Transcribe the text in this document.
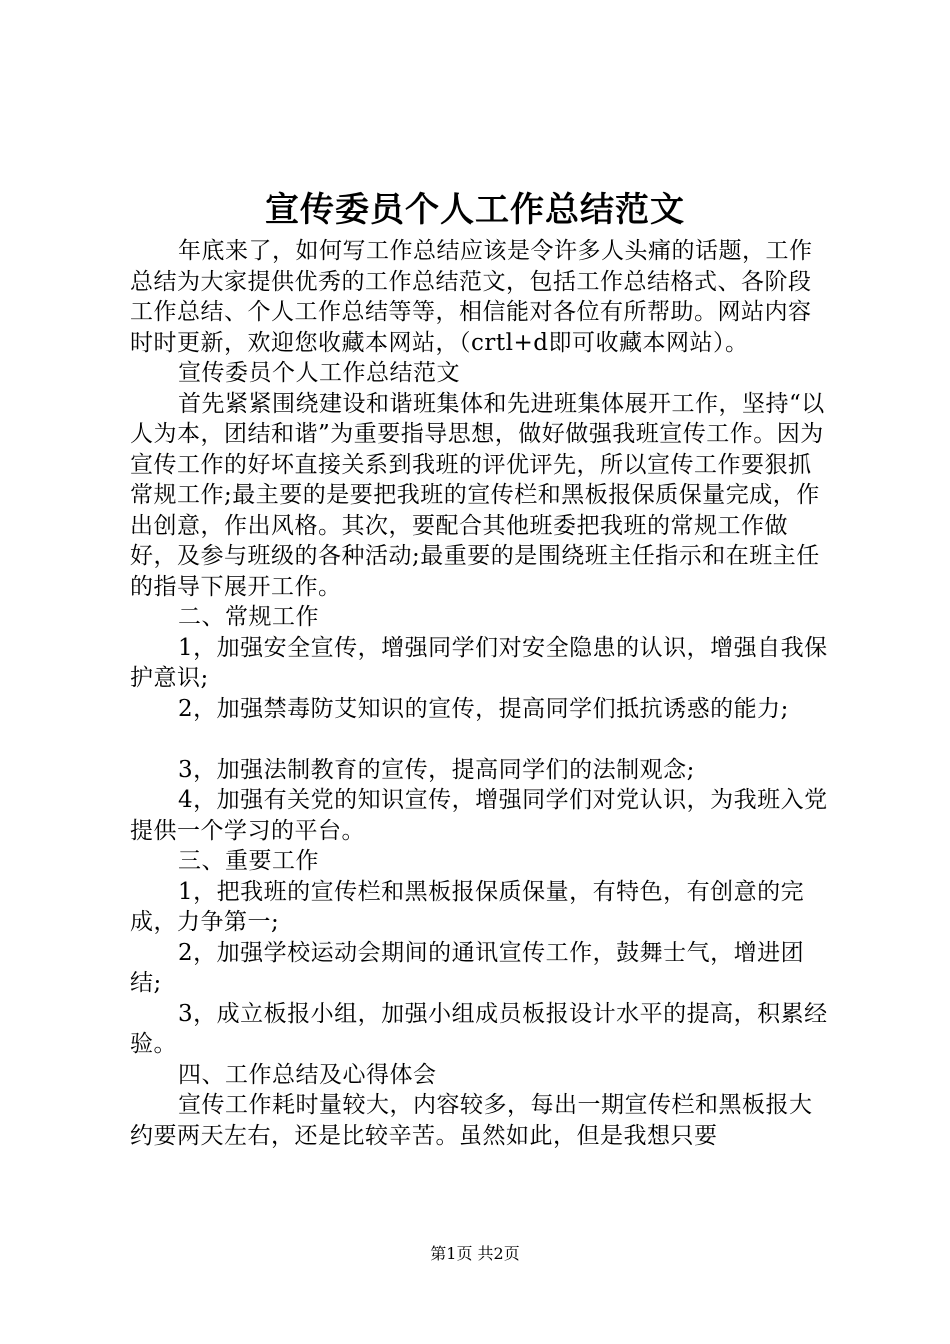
宣传委员个人工作总结范文

年底来了，如何写工作总结应该是令许多人头痛的话题，工作总结为大家提供优秀的工作总结范文，包括工作总结格式、各阶段工作总结、个人工作总结等等，相信能对各位有所帮助。网站内容时时更新，欢迎您收藏本网站，（crtl+d即可收藏本网站）。

宣传委员个人工作总结范文

首先紧紧围绕建设和谐班集体和先进班集体展开工作，坚持“以人为本，团结和谐”为重要指导思想，做好做强我班宣传工作。因为宣传工作的好坏直接关系到我班的评优评先，所以宣传工作要狠抓常规工作;最主要的是要把我班的宣传栏和黑板报保质保量完成，作出创意，作出风格。其次，要配合其他班委把我班的常规工作做好，及参与班级的各种活动;最重要的是围绕班主任指示和在班主任的指导下展开工作。

二、常规工作

1，加强安全宣传，增强同学们对安全隐患的认识，增强自我保护意识;

2，加强禁毒防艾知识的宣传，提高同学们抵抗诱惑的能力;

3，加强法制教育的宣传，提高同学们的法制观念;

4，加强有关党的知识宣传，增强同学们对党认识，为我班入党提供一个学习的平台。

三、重要工作

1，把我班的宣传栏和黑板报保质保量，有特色，有创意的完成，力争第一;

2，加强学校运动会期间的通讯宣传工作，鼓舞士气，增进团结;

3，成立板报小组，加强小组成员板报设计水平的提高，积累经验。

四、工作总结及心得体会

宣传工作耗时量较大，内容较多，每出一期宣传栏和黑板报大约要两天左右，还是比较辛苦。虽然如此，但是我想只要

第1页 共2页
